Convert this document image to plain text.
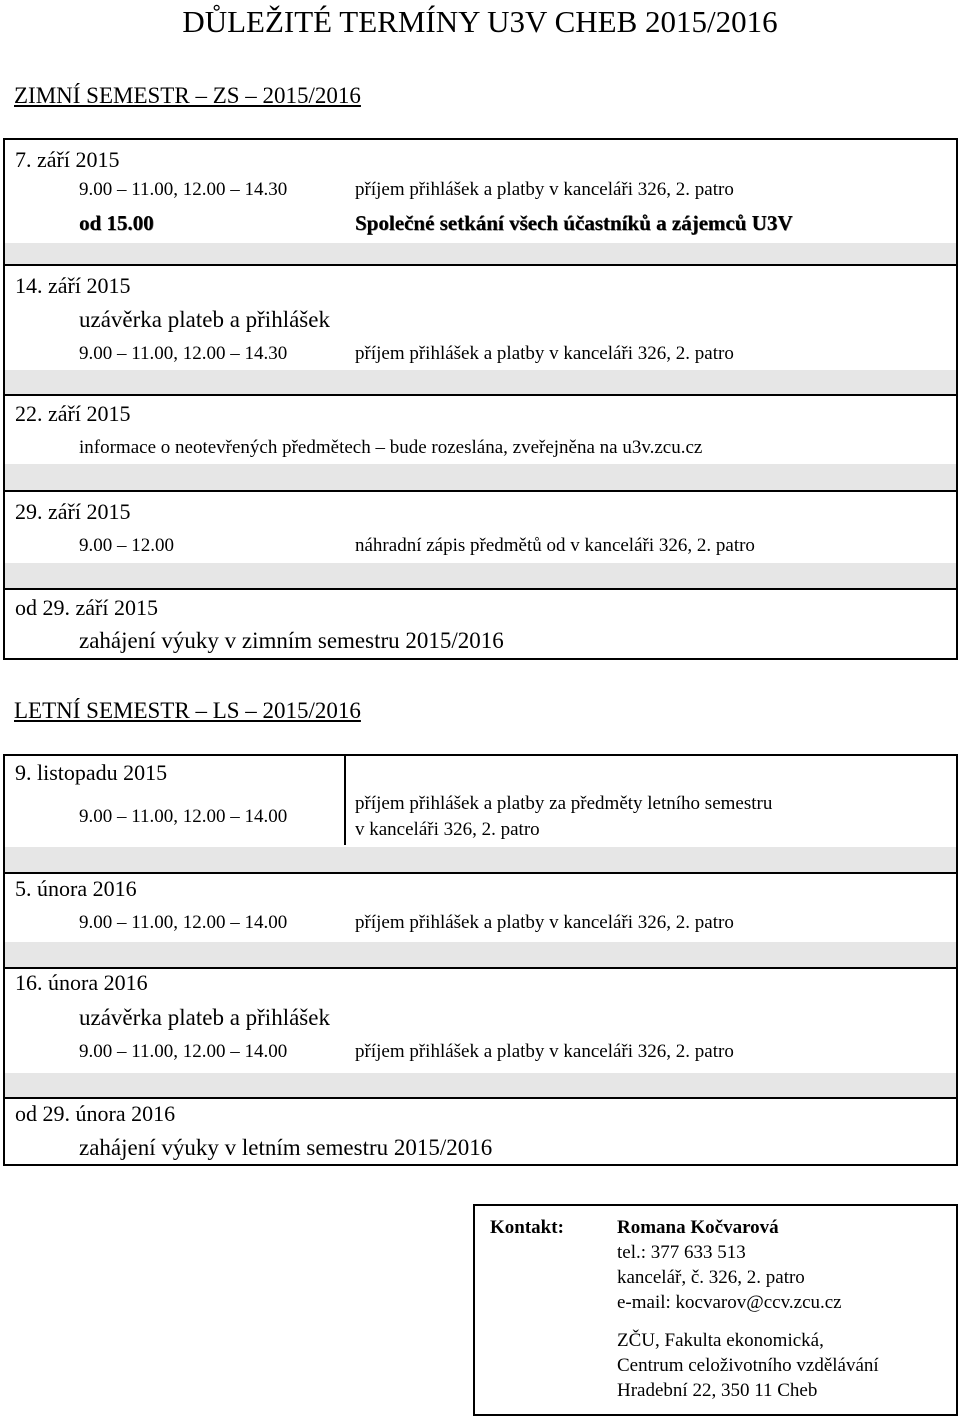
DŮLEŽITÉ TERMÍNY U3V CHEB 2015/2016
ZIMNÍ SEMESTR – ZS – 2015/2016
7. září 2015
9.00 – 11.00, 12.00 – 14.30	příjem přihlášek a platby v kanceláři 326, 2. patro
od 15.00	Společné setkání všech účastníků a zájemců U3V
14. září 2015
uzávěrka plateb a přihlášek
9.00 – 11.00, 12.00 – 14.30	příjem přihlášek a platby v kanceláři 326, 2. patro
22. září 2015
informace o neotevřených předmětech – bude rozeslána, zveřejněna na u3v.zcu.cz
29. září 2015
9.00 – 12.00	náhradní zápis předmětů od v kanceláři 326, 2. patro
od 29. září 2015
zahájení výuky v zimním semestru 2015/2016
LETNÍ SEMESTR – LS – 2015/2016
9. listopadu 2015
9.00 – 11.00, 12.00 – 14.00
příjem přihlášek a platby za předměty letního semestru
v kanceláři 326, 2. patro
5. února 2016
9.00 – 11.00, 12.00 – 14.00	příjem přihlášek a platby v kanceláři 326, 2. patro
16. února 2016
uzávěrka plateb a přihlášek
9.00 – 11.00, 12.00 – 14.00	příjem přihlášek a platby v kanceláři 326, 2. patro
od 29. února 2016
zahájení výuky v letním semestru 2015/2016
Kontakt:	Romana Kočvarová
tel.: 377 633 513
kancelář, č. 326, 2. patro
e-mail: kocvarov@ccv.zcu.cz
ZČU, Fakulta ekonomická,
Centrum celoživotního vzdělávání
Hradební 22, 350 11 Cheb
